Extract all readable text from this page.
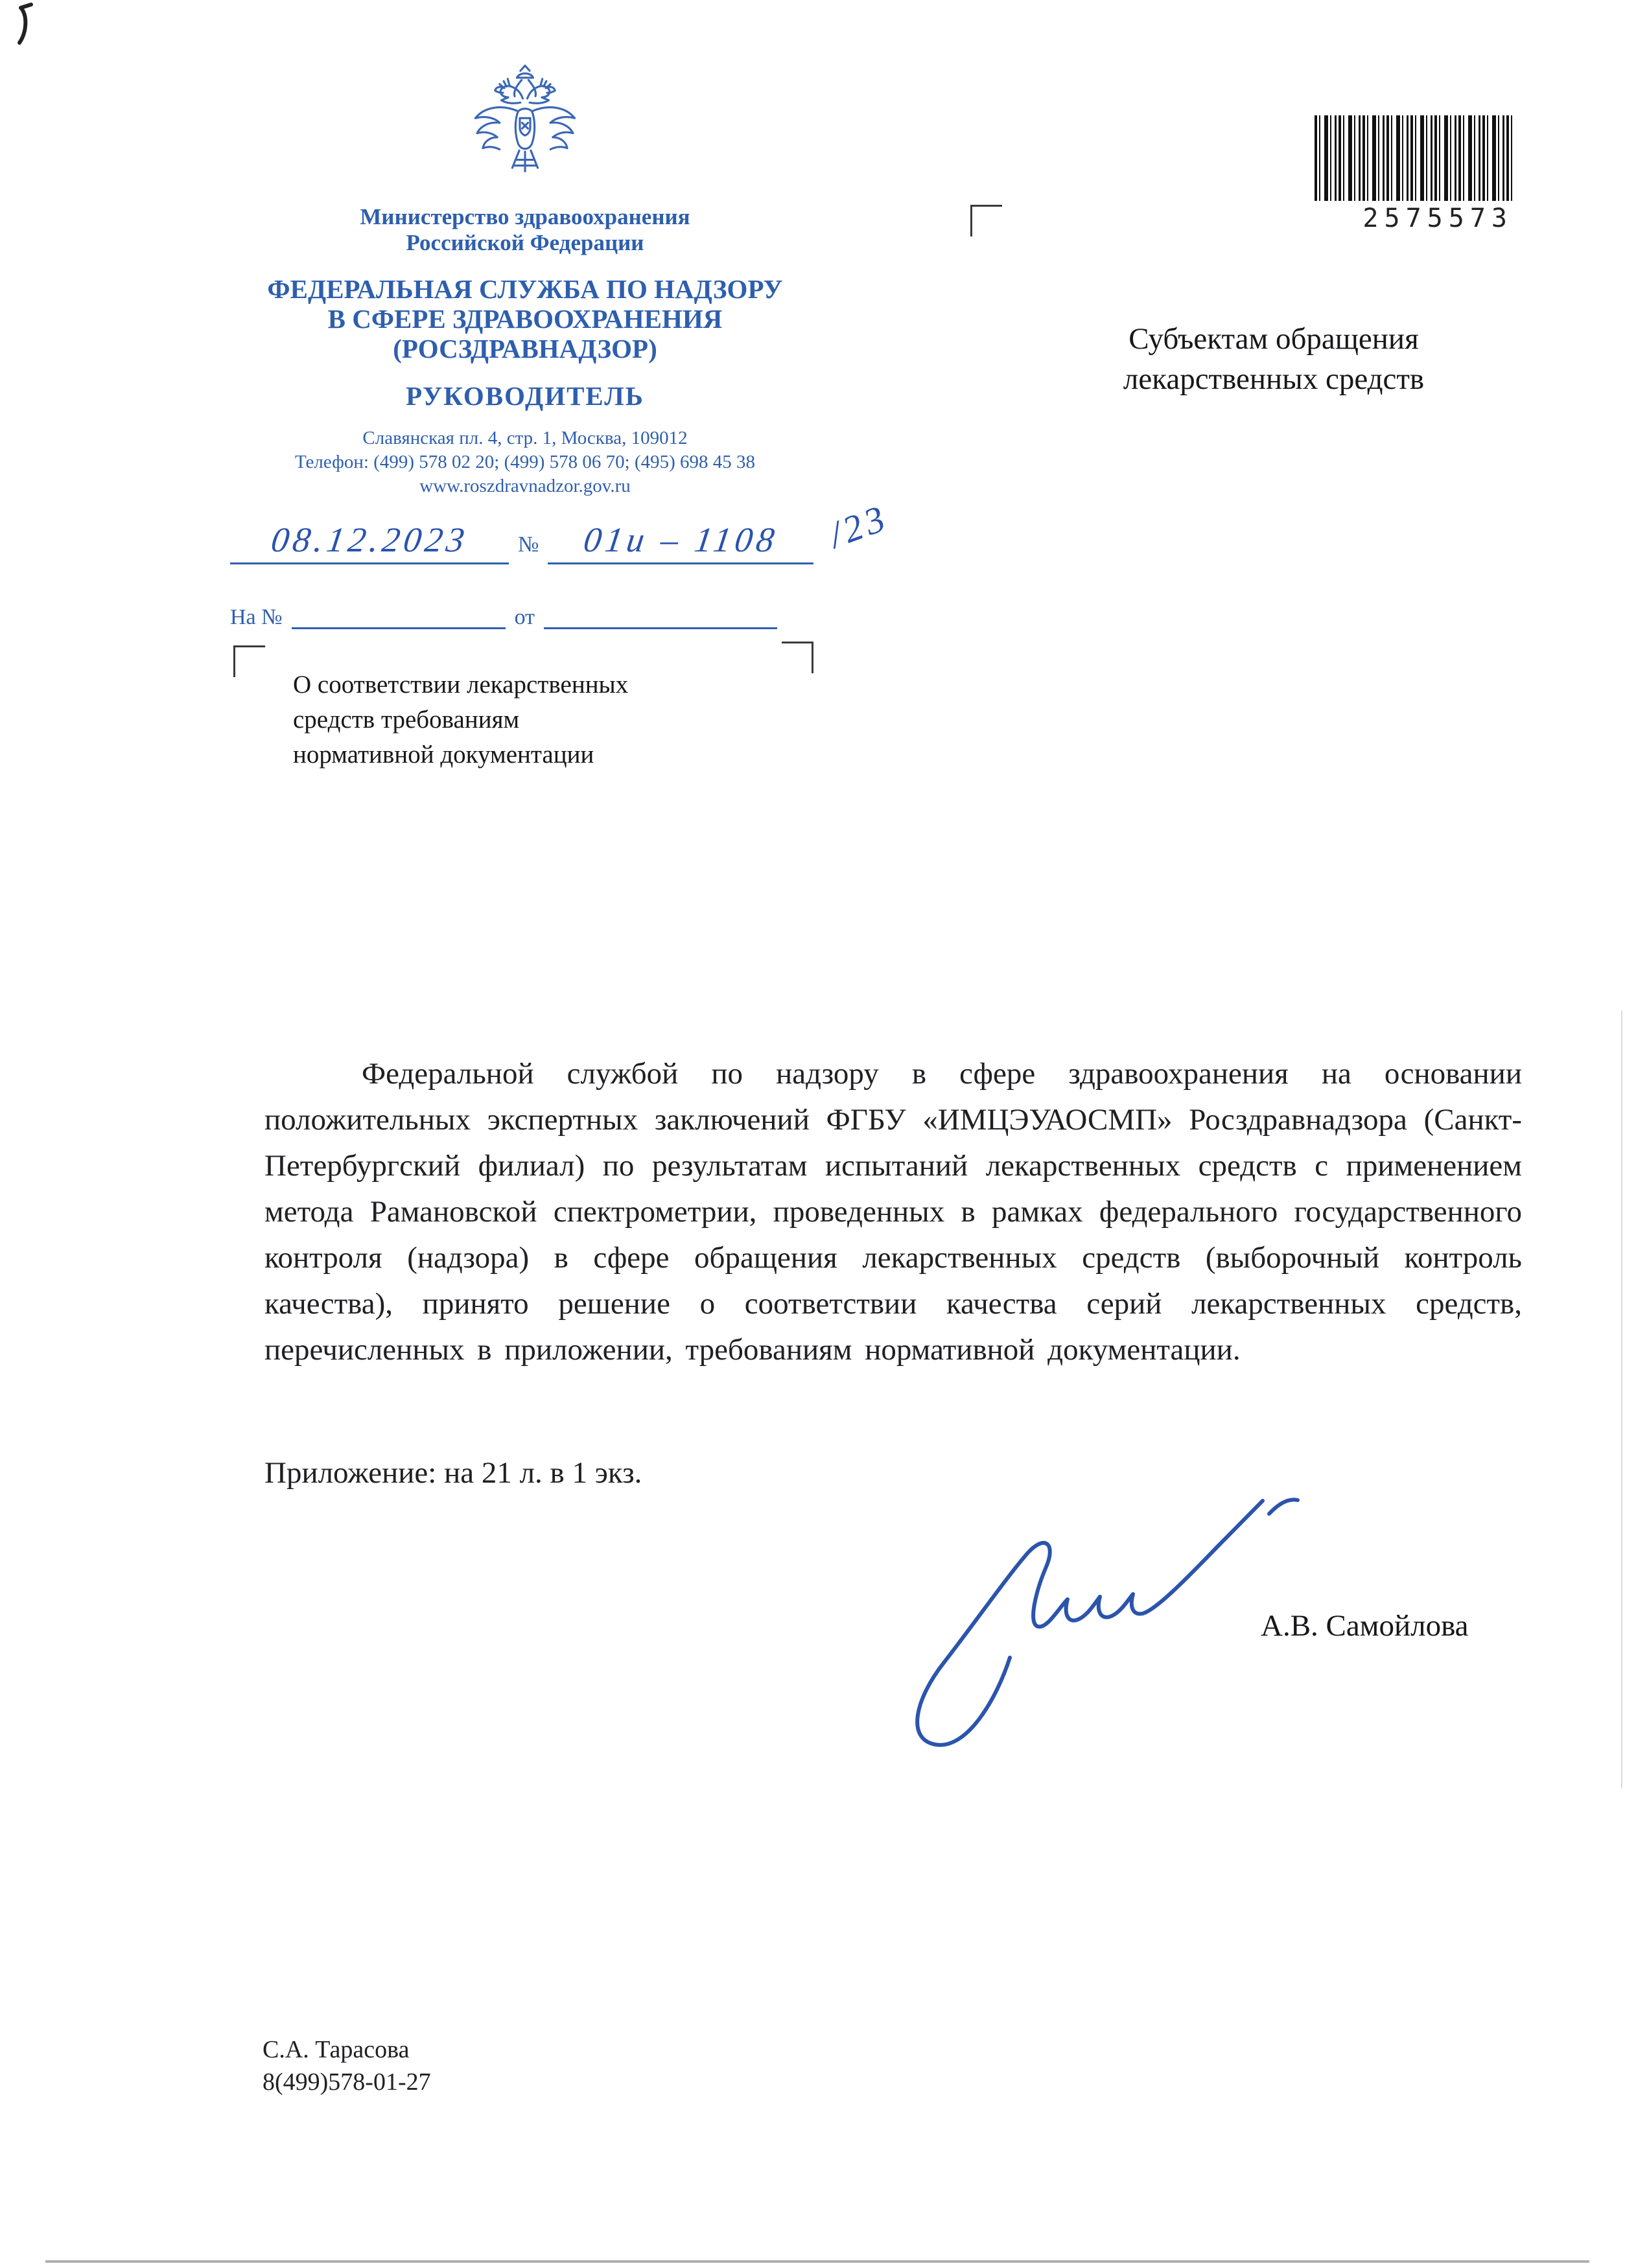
Министерство здравоохранения
Российской Федерации
ФЕДЕРАЛЬНАЯ СЛУЖБА ПО НАДЗОРУ
В СФЕРЕ ЗДРАВООХРАНЕНИЯ
(РОСЗДРАВНАДЗОР)
РУКОВОДИТЕЛЬ
Славянская пл. 4, стр. 1, Москва, 109012
Телефон: (499) 578 02 20; (499) 578 06 70; (495) 698 45 38
www.roszdravnadzor.gov.ru
08.12.2023 № 01и – 1108 /23
На №	от
2575573
Субъектам обращения
лекарственных средств
О соответствии лекарственных
средств требованиям
нормативной документации

Федеральной службой по надзору в сфере здравоохранения на основании положительных экспертных заключений ФГБУ «ИМЦЭУАОСМП» Росздравнадзора (Санкт-Петербургский филиал) по результатам испытаний лекарственных средств с применением метода Рамановской спектрометрии, проведенных в рамках федерального государственного контроля (надзора) в сфере обращения лекарственных средств (выборочный контроль качества), принято решение о соответствии качества серий лекарственных средств, перечисленных в приложении, требованиям нормативной документации.

Приложение: на 21 л. в 1 экз.

А.В. Самойлова
С.А. Тарасова
8(499)578-01-27
